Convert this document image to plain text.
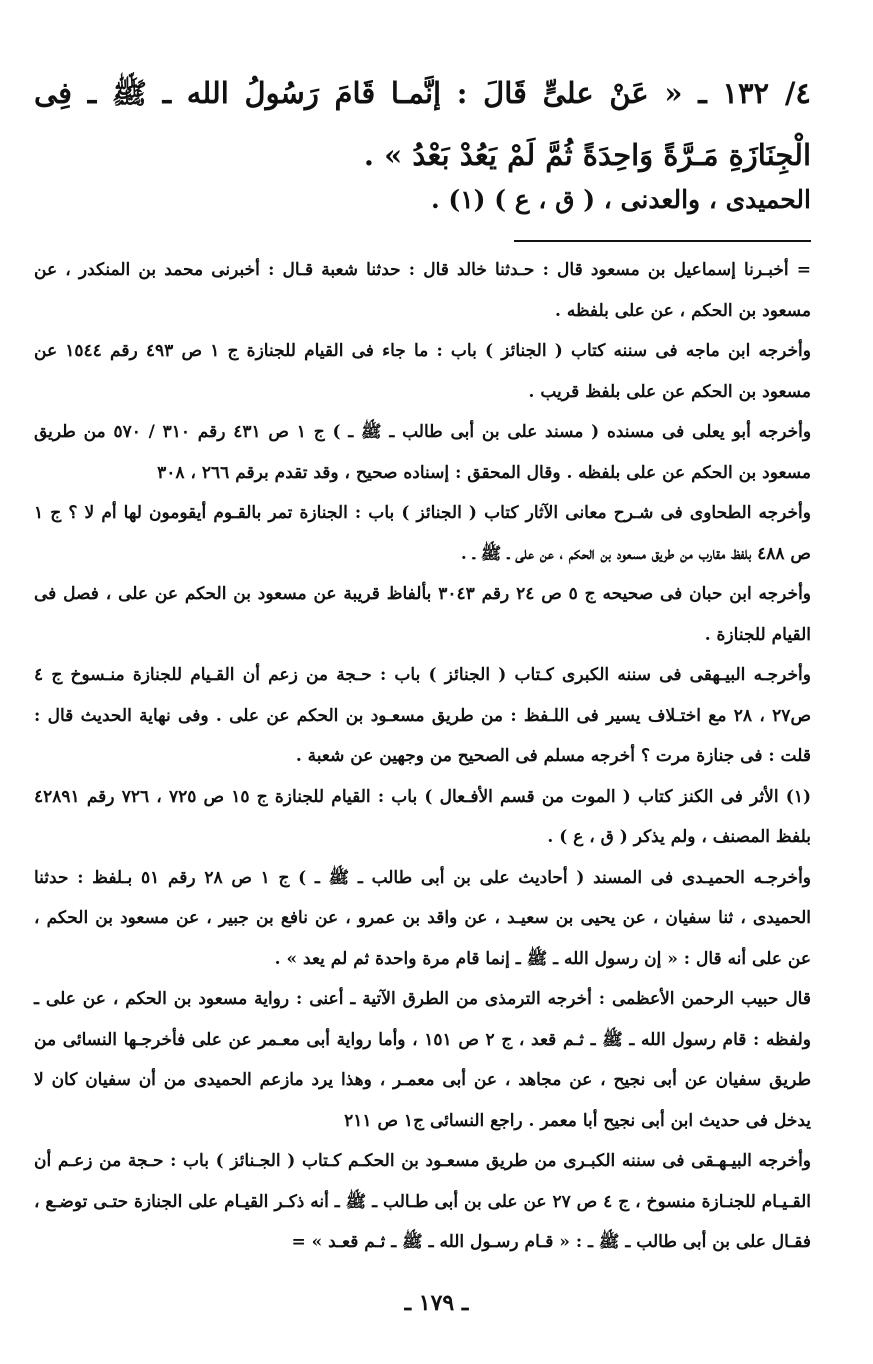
٤/ ١٣٢ ـ « عَنْ علىٍّ قَالَ : إنَّمـا قَامَ رَسُولُ الله ـ ﷺ ـ فِى الْجِنَازَةِ مَـرَّةً وَاحِدَةً ثُمَّ لَمْ يَعُدْ بَعْدُ » .
الحميدى ، والعدنى ، ( ق ، ع ) (١) .

= أخبـرنا إسماعيل بن مسعود قال : حـدثنا خالد قال : حدثنا شعبة قـال : أخبرنى محمد بن المنكدر ، عن مسعود بن الحكم ، عن على بلفظه .

وأخرجه ابن ماجه فى سننه كتاب ( الجنائز ) باب : ما جاء فى القيام للجنازة ج ١ ص ٤٩٣ رقم ١٥٤٤ عن مسعود بن الحكم عن على بلفظ قريب .

وأخرجه أبو يعلى فى مسنده ( مسند على بن أبى طالب ـ ﷺ ـ ) ج ١ ص ٤٣١ رقم ٣١٠ / ٥٧٠ من طريق مسعود بن الحكم عن على بلفظه . وقال المحقق : إسناده صحيح ، وقد تقدم برقم ٢٦٦ ، ٣٠٨

وأخرجه الطحاوى فى شـرح معانى الآثار كتاب ( الجنائز ) باب : الجنازة تمر بالقـوم أيقومون لها أم لا ؟ ج ١ ص ٤٨٨ بلفظ مقارب من طريق مسعود بن الحكم ، عن على ـ ﷺ ـ .

وأخرجه ابن حبان فى صحيحه ج ٥ ص ٢٤ رقم ٣٠٤٣ بألفاظ قريبة عن مسعود بن الحكم عن على ، فصل فى القيام للجنازة .

وأخرجـه البيـهقى فى سننه الكبرى كـتاب ( الجنائز ) باب : حـجة من زعم أن القـيام للجنازة منـسوخ ج ٤ ص٢٧ ، ٢٨ مع اختـلاف يسير فى اللـفظ : من طريق مسعـود بن الحكم عن على . وفى نهاية الحديث قال : قلت : فى جنازة مرت ؟ أخرجه مسلم فى الصحيح من وجهين عن شعبة .

(١) الأثر فى الكنز كتاب ( الموت من قسم الأفـعال ) باب : القيام للجنازة ج ١٥ ص ٧٢٥ ، ٧٢٦ رقم ٤٢٨٩١ بلفظ المصنف ، ولم يذكر ( ق ، ع ) .

وأخرجـه الحميـدى فى المسند ( أحاديث على بن أبى طالب ـ ﷺ ـ ) ج ١ ص ٢٨ رقم ٥١ بـلفظ : حدثنا الحميدى ، ثنا سفيان ، عن يحيى بن سعيـد ، عن واقد بن عمرو ، عن نافع بن جبير ، عن مسعود بن الحكم ، عن على أنه قال : « إن رسول الله ـ ﷺ ـ إنما قام مرة واحدة ثم لم يعد » .

قال حبيب الرحمن الأعظمى : أخرجه الترمذى من الطرق الآتية ـ أعنى : رواية مسعود بن الحكم ، عن على ـ ولفظه : قام رسول الله ـ ﷺ ـ ثـم قعد ، ج ٢ ص ١٥١ ، وأما رواية أبى معـمر عن على فأخرجـها النسائى من طريق سفيان عن أبى نجيح ، عن مجاهد ، عن أبى معمـر ، وهذا يرد مازعم الحميدى من أن سفيان كان لا يدخل فى حديث ابن أبى نجيح أبا معمر . راجع النسائى ج١ ص ٢١١

وأخرجه البيـهـقى فى سننه الكبـرى من طريق مسعـود بن الحكـم كـتاب ( الجـنائز ) باب : حـجة من زعـم أن القـيـام للجنـازة منسوخ ، ج ٤ ص ٢٧ عن على بن أبى طـالب ـ ﷺ ـ أنه ذكـر القيـام على الجنازة حتـى توضـع ، فقـال على بن أبى طالب ـ ﷺ ـ : « قـام رسـول الله ـ ﷺ ـ ثـم قعـد » =

ـ ١٧٩ ـ
